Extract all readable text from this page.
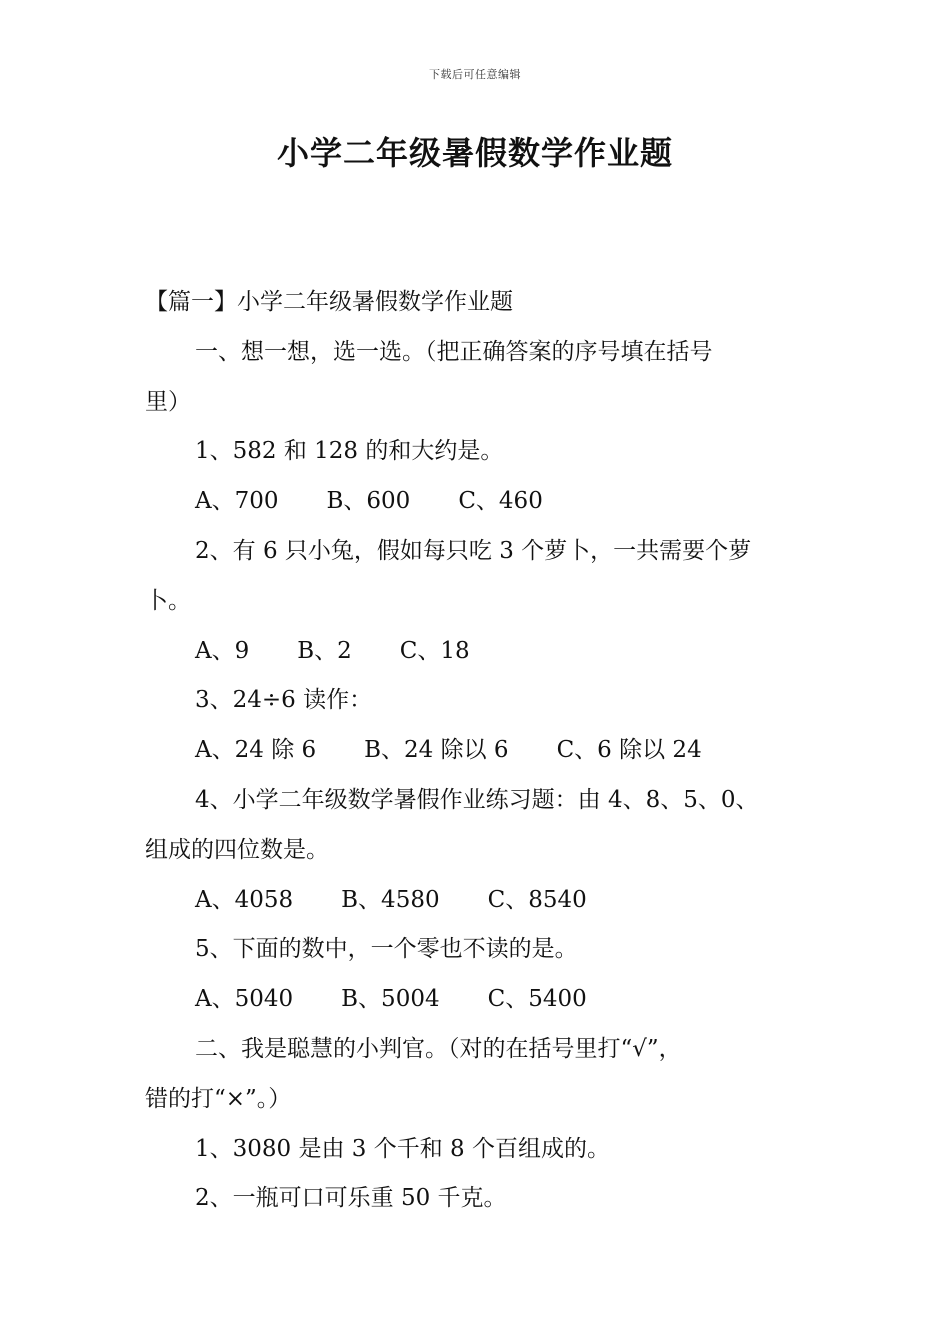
下载后可任意编辑
小学二年级暑假数学作业题
【篇一】小学二年级暑假数学作业题
一、想一想，选一选。（把正确答案的序号填在括号
里）
1、582 和 128 的和大约是。
A、700 B、600 C、460
2、有 6 只小兔，假如每只吃 3 个萝卜，一共需要个萝
卜。
A、9 B、2 C、18
3、24÷6 读作：
A、24 除 6 B、24 除以 6 C、6 除以 24
4、小学二年级数学暑假作业练习题：由 4、8、5、0、
组成的四位数是。
A、4058 B、4580 C、8540
5、下面的数中，一个零也不读的是。
A、5040 B、5004 C、5400
二、我是聪慧的小判官。（对的在括号里打“√”，
错的打“×”。）
1、3080 是由 3 个千和 8 个百组成的。
2、一瓶可口可乐重 50 千克。
